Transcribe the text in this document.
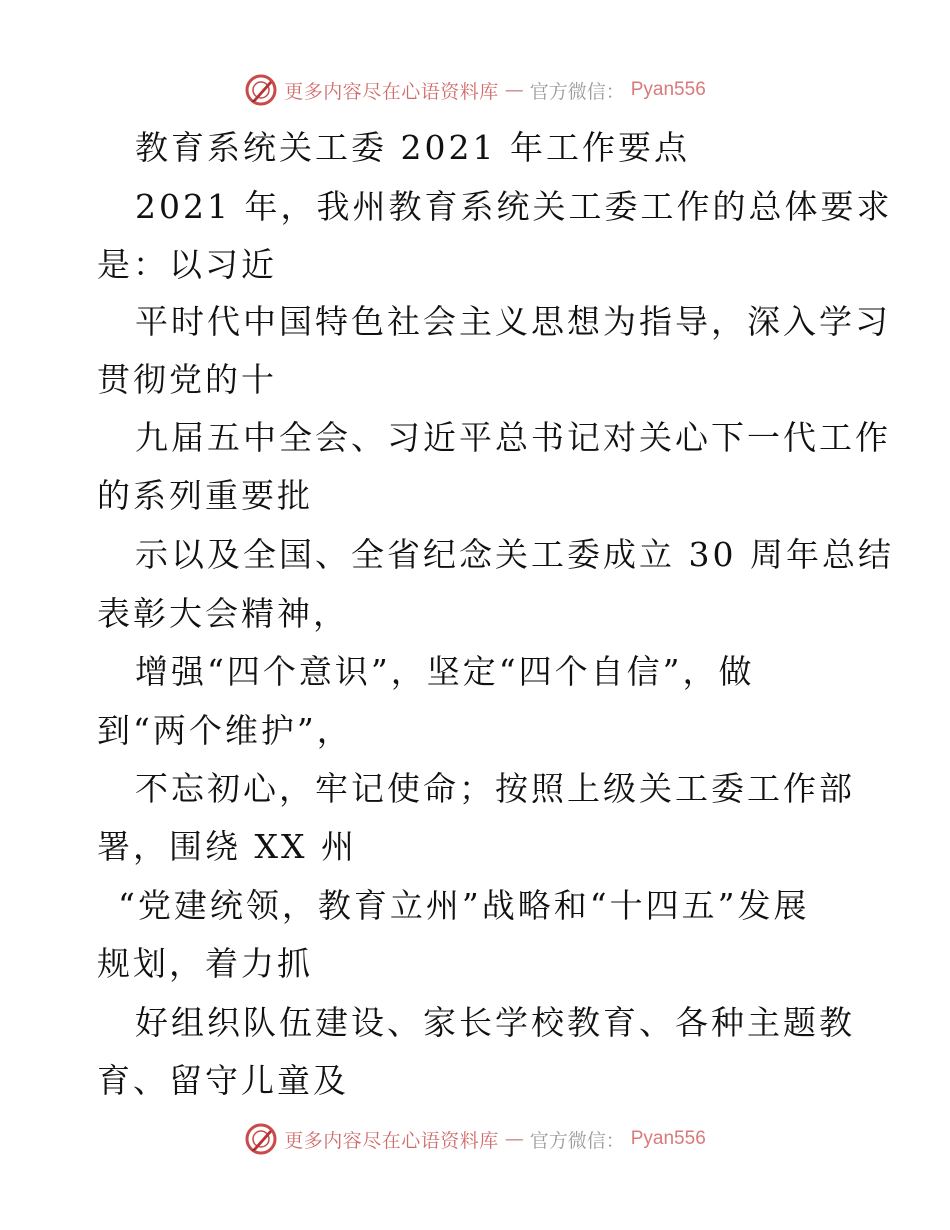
更多内容尽在心语资料库 — 官方微信： Pyan556
教育系统关工委 2021 年工作要点
2021 年，我州教育系统关工委工作的总体要求
是：以习近
平时代中国特色社会主义思想为指导，深入学习
贯彻党的十
九届五中全会、习近平总书记对关心下一代工作
的系列重要批
示以及全国、全省纪念关工委成立 30 周年总结
表彰大会精神，
增强“四个意识”，坚定“四个自信”，做
到“两个维护”，
不忘初心，牢记使命；按照上级关工委工作部
署，围绕 XX 州
“党建统领，教育立州”战略和“十四五”发展
规划，着力抓
好组织队伍建设、家长学校教育、各种主题教
育、留守儿童及
更多内容尽在心语资料库 — 官方微信： Pyan556
